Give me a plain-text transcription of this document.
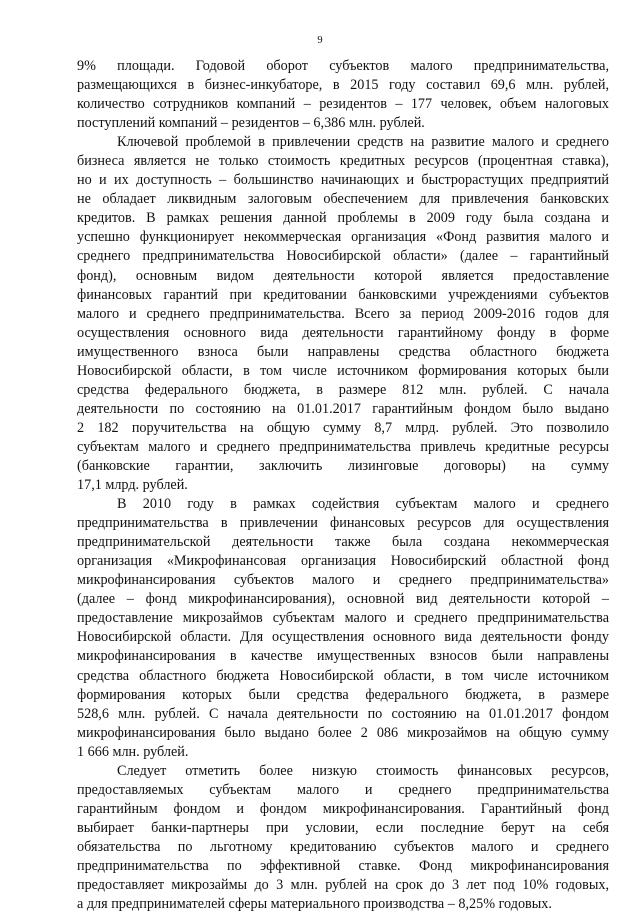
9
9% площади. Годовой оборот субъектов малого предпринимательства,
размещающихся в бизнес-инкубаторе, в 2015 году составил 69,6 млн. рублей,
количество сотрудников компаний – резидентов – 177 человек, объем налоговых
поступлений компаний – резидентов – 6,386 млн. рублей.
Ключевой проблемой в привлечении средств на развитие малого и среднего
бизнеса является не только стоимость кредитных ресурсов (процентная ставка),
но и их доступность – большинство начинающих и быстрорастущих предприятий
не обладает ликвидным залоговым обеспечением для привлечения банковских
кредитов. В рамках решения данной проблемы в 2009 году была создана и
успешно функционирует некоммерческая организация «Фонд развития малого и
среднего предпринимательства Новосибирской области» (далее – гарантийный
фонд), основным видом деятельности которой является предоставление
финансовых гарантий при кредитовании банковскими учреждениями субъектов
малого и среднего предпринимательства. Всего за период 2009-2016 годов для
осуществления основного вида деятельности гарантийному фонду в форме
имущественного взноса были направлены средства областного бюджета
Новосибирской области, в том числе источником формирования которых были
средства федерального бюджета, в размере 812 млн. рублей. С начала
деятельности по состоянию на 01.01.2017 гарантийным фондом было выдано
2 182 поручительства на общую сумму 8,7 млрд. рублей. Это позволило
субъектам малого и среднего предпринимательства привлечь кредитные ресурсы
(банковские гарантии, заключить лизинговые договоры) на сумму
17,1 млрд. рублей.
В 2010 году в рамках содействия субъектам малого и среднего
предпринимательства в привлечении финансовых ресурсов для осуществления
предпринимательской деятельности также была создана некоммерческая
организация «Микрофинансовая организация Новосибирский областной фонд
микрофинансирования субъектов малого и среднего предпринимательства»
(далее – фонд микрофинансирования), основной вид деятельности которой –
предоставление микрозаймов субъектам малого и среднего предпринимательства
Новосибирской области. Для осуществления основного вида деятельности фонду
микрофинансирования в качестве имущественных взносов были направлены
средства областного бюджета Новосибирской области, в том числе источником
формирования которых были средства федерального бюджета, в размере
528,6 млн. рублей. С начала деятельности по состоянию на 01.01.2017 фондом
микрофинансирования было выдано более 2 086 микрозаймов на общую сумму
1 666 млн. рублей.
Следует отметить более низкую стоимость финансовых ресурсов,
предоставляемых субъектам малого и среднего предпринимательства
гарантийным фондом и фондом микрофинансирования. Гарантийный фонд
выбирает банки-партнеры при условии, если последние берут на себя
обязательства по льготному кредитованию субъектов малого и среднего
предпринимательства по эффективной ставке. Фонд микрофинансирования
предоставляет микрозаймы до 3 млн. рублей на срок до 3 лет под 10% годовых,
а для предпринимателей сферы материального производства – 8,25% годовых.
